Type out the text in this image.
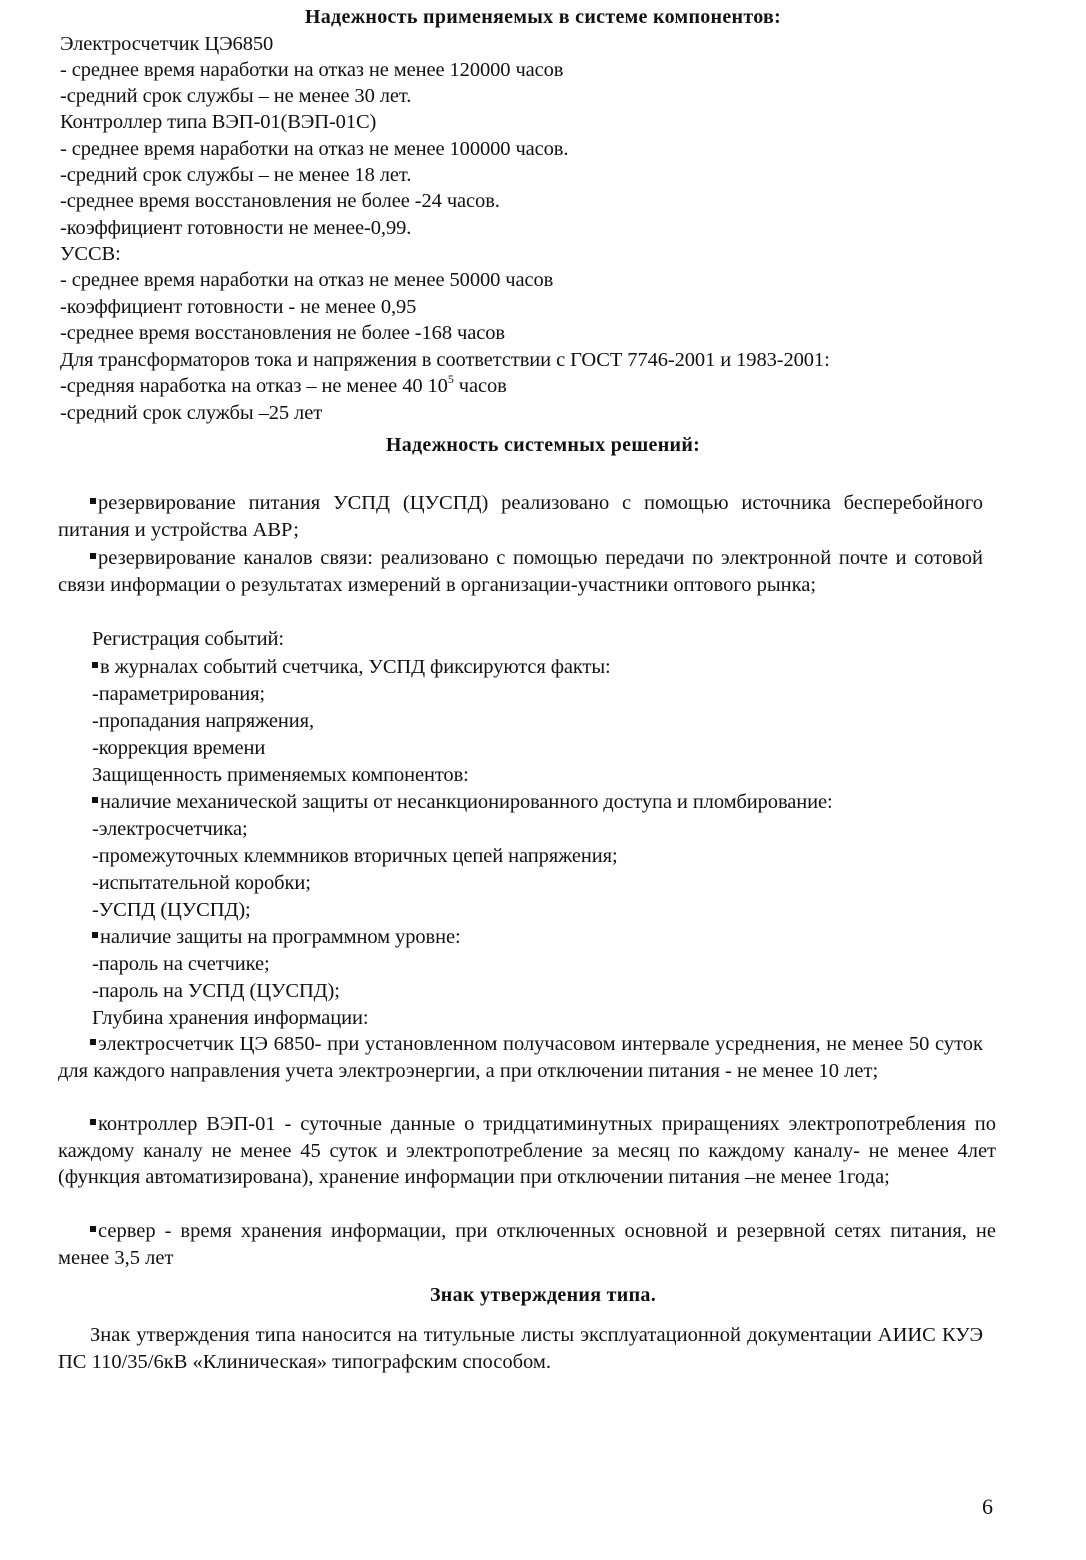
Надежность применяемых в системе компонентов:
Электросчетчик ЦЭ6850
- среднее время наработки на отказ не менее 120000 часов
-средний срок службы – не менее 30 лет.
Контроллер типа ВЭП-01(ВЭП-01С)
- среднее время наработки на отказ не менее 100000 часов.
-средний срок службы – не менее 18 лет.
-среднее время восстановления не более -24 часов.
-коэффициент готовности не менее-0,99.
УССВ:
- среднее время наработки на отказ не менее 50000 часов
-коэффициент готовности - не менее 0,95
-среднее время восстановления не более -168 часов
Для трансформаторов тока и напряжения в соответствии с ГОСТ 7746-2001 и 1983-2001:
-средняя наработка на отказ – не менее 40 $10^5$ часов
-средний срок службы –25 лет
Надежность системных решений:
резервирование питания УСПД (ЦУСПД) реализовано с помощью источника бесперебойного питания и устройства АВР;
резервирование каналов связи: реализовано с помощью передачи по электронной почте и сотовой связи информации о результатах измерений в организации-участники оптового рынка;
Регистрация событий:
в журналах событий счетчика, УСПД фиксируются факты:
-параметрирования;
-пропадания напряжения,
-коррекция времени
Защищенность применяемых компонентов:
наличие механической защиты от несанкционированного доступа и пломбирование:
-электросчетчика;
-промежуточных клеммников вторичных цепей напряжения;
-испытательной коробки;
-УСПД (ЦУСПД);
наличие защиты на программном уровне:
-пароль на счетчике;
-пароль на УСПД (ЦУСПД);
Глубина хранения информации:
электросчетчик ЦЭ 6850- при установленном получасовом интервале усреднения, не менее 50 суток для каждого направления учета электроэнергии, а при отключении питания - не менее 10 лет;
контроллер ВЭП-01 - суточные данные о тридцатиминутных приращениях электропотребления по каждому каналу не менее 45 суток и электропотребление за месяц по каждому каналу- не менее 4лет (функция автоматизирована), хранение информации при отключении питания –не менее 1года;
сервер - время хранения информации, при отключенных основной и резервной сетях питания, не менее 3,5 лет
Знак утверждения типа.
Знак утверждения типа наносится на титульные листы эксплуатационной документации АИИС КУЭ ПС 110/35/6кВ «Клиническая» типографским способом.
6
